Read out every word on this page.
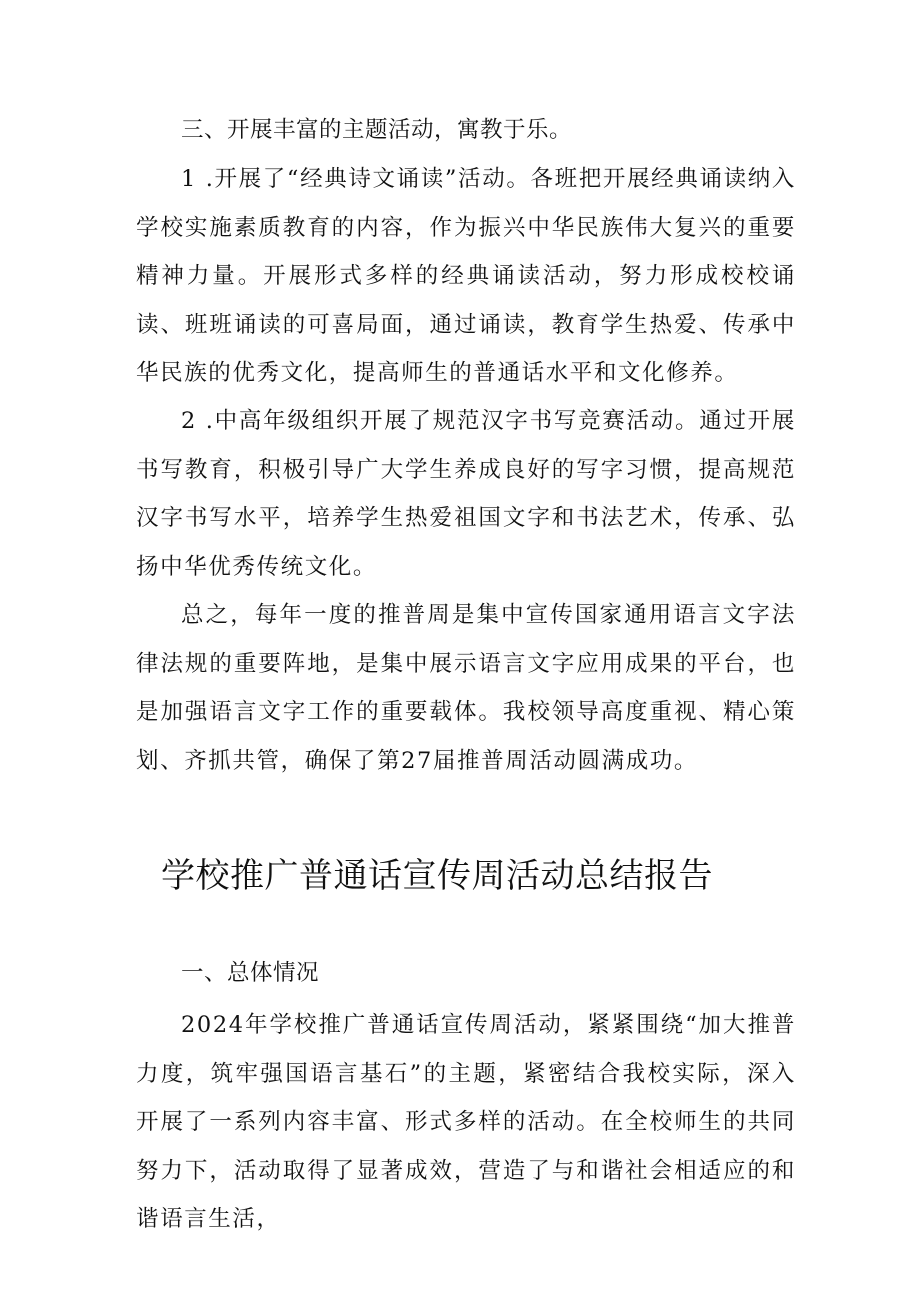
三、开展丰富的主题活动，寓教于乐。

1 .开展了“经典诗文诵读”活动。各班把开展经典诵读纳入学校实施素质教育的内容，作为振兴中华民族伟大复兴的重要精神力量。开展形式多样的经典诵读活动，努力形成校校诵读、班班诵读的可喜局面，通过诵读，教育学生热爱、传承中华民族的优秀文化，提高师生的普通话水平和文化修养。

2 .中高年级组织开展了规范汉字书写竞赛活动。通过开展书写教育，积极引导广大学生养成良好的写字习惯，提高规范汉字书写水平，培养学生热爱祖国文字和书法艺术，传承、弘扬中华优秀传统文化。

总之，每年一度的推普周是集中宣传国家通用语言文字法律法规的重要阵地，是集中展示语言文字应用成果的平台，也是加强语言文字工作的重要载体。我校领导高度重视、精心策划、齐抓共管，确保了第27届推普周活动圆满成功。

学校推广普通话宣传周活动总结报告

一、总体情况

2024年学校推广普通话宣传周活动，紧紧围绕“加大推普力度，筑牢强国语言基石”的主题，紧密结合我校实际，深入开展了一系列内容丰富、形式多样的活动。在全校师生的共同努力下，活动取得了显著成效，营造了与和谐社会相适应的和谐语言生活，
